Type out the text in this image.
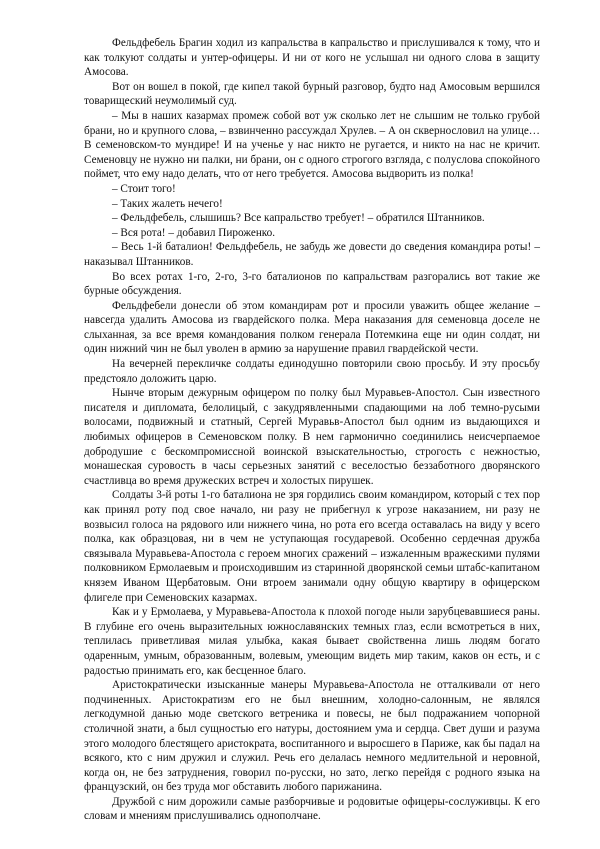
Фельдфебель Брагин ходил из капральства в капральство и прислушивался к тому, что и как толкуют солдаты и унтер-офицеры. И ни от кого не услышал ни одного слова в защиту Амосова.

Вот он вошел в покой, где кипел такой бурный разговор, будто над Амосовым вершился товарищеский неумолимый суд.

– Мы в наших казармах промеж собой вот уж сколько лет не слышим не только грубой брани, но и крупного слова, – взвинченно рассуждал Хрулев. – А он сквернословил на улице… В семеновском-то мундире! И на ученье у нас никто не ругается, и никто на нас не кричит. Семеновцу не нужно ни палки, ни брани, он с одного строгого взгляда, с полуслова спокойного поймет, что ему надо делать, что от него требуется. Амосова выдворить из полка!

– Стоит того!

– Таких жалеть нечего!

– Фельдфебель, слышишь? Все капральство требует! – обратился Штанников.

– Вся рота! – добавил Пироженко.

– Весь 1-й баталион! Фельдфебель, не забудь же довести до сведения командира роты! – наказывал Штанников.

Во всех ротах 1-го, 2-го, 3-го баталионов по капральствам разгорались вот такие же бурные обсуждения.

Фельдфебели донесли об этом командирам рот и просили уважить общее желание – навсегда удалить Амосова из гвардейского полка. Мера наказания для семеновца доселе не слыханная, за все время командования полком генерала Потемкина еще ни один солдат, ни один нижний чин не был уволен в армию за нарушение правил гвардейской чести.

На вечерней перекличке солдаты единодушно повторили свою просьбу. И эту просьбу предстояло доложить царю.

Нынче вторым дежурным офицером по полку был Муравьев-Апостол. Сын известного писателя и дипломата, белолицый, с закудрявленными спадающими на лоб темно-русыми волосами, подвижный и статный, Сергей Муравьв-Апостол был одним из выдающихся и любимых офицеров в Семеновском полку. В нем гармонично соединились неисчерпаемое добродушие с бескомпромиссной воинской взыскательностью, строгость с нежностью, монашеская суровость в часы серьезных занятий с веселостью беззаботного дворянского счастливца во время дружеских встреч и холостых пирушек.

Солдаты 3-й роты 1-го баталиона не зря гордились своим командиром, который с тех пор как принял роту под свое начало, ни разу не прибегнул к угрозе наказанием, ни разу не возвысил голоса на рядового или нижнего чина, но рота его всегда оставалась на виду у всего полка, как образцовая, ни в чем не уступающая государевой. Особенно сердечная дружба связывала Муравьева-Апостола с героем многих сражений – изжаленным вражескими пулями полковником Ермолаевым и происходившим из старинной дворянской семьи штабс-капитаном князем Иваном Щербатовым. Они втроем занимали одну общую квартиру в офицерском флигеле при Семеновских казармах.

Как и у Ермолаева, у Муравьева-Апостола к плохой погоде ныли зарубцевавшиеся раны. В глубине его очень выразительных южнославянских темных глаз, если всмотреться в них, теплилась приветливая милая улыбка, какая бывает свойственна лишь людям богато одаренным, умным, образованным, волевым, умеющим видеть мир таким, каков он есть, и с радостью принимать его, как бесценное благо.

Аристократически изысканные манеры Муравьева-Апостола не отталкивали от него подчиненных. Аристократизм его не был внешним, холодно-салонным, не являлся легкодумной данью моде светского ветреника и повесы, не был подражанием чопорной столичной знати, а был сущностью его натуры, достоянием ума и сердца. Свет души и разума этого молодого блестящего аристократа, воспитанного и выросшего в Париже, как бы падал на всякого, кто с ним дружил и служил. Речь его делалась немного медлительной и неровной, когда он, не без затруднения, говорил по-русски, но зато, легко перейдя с родного языка на французский, он без труда мог обставить любого парижанина.

Дружбой с ним дорожили самые разборчивые и родовитые офицеры-сослуживцы. К его словам и мнениям прислушивались однополчане.
